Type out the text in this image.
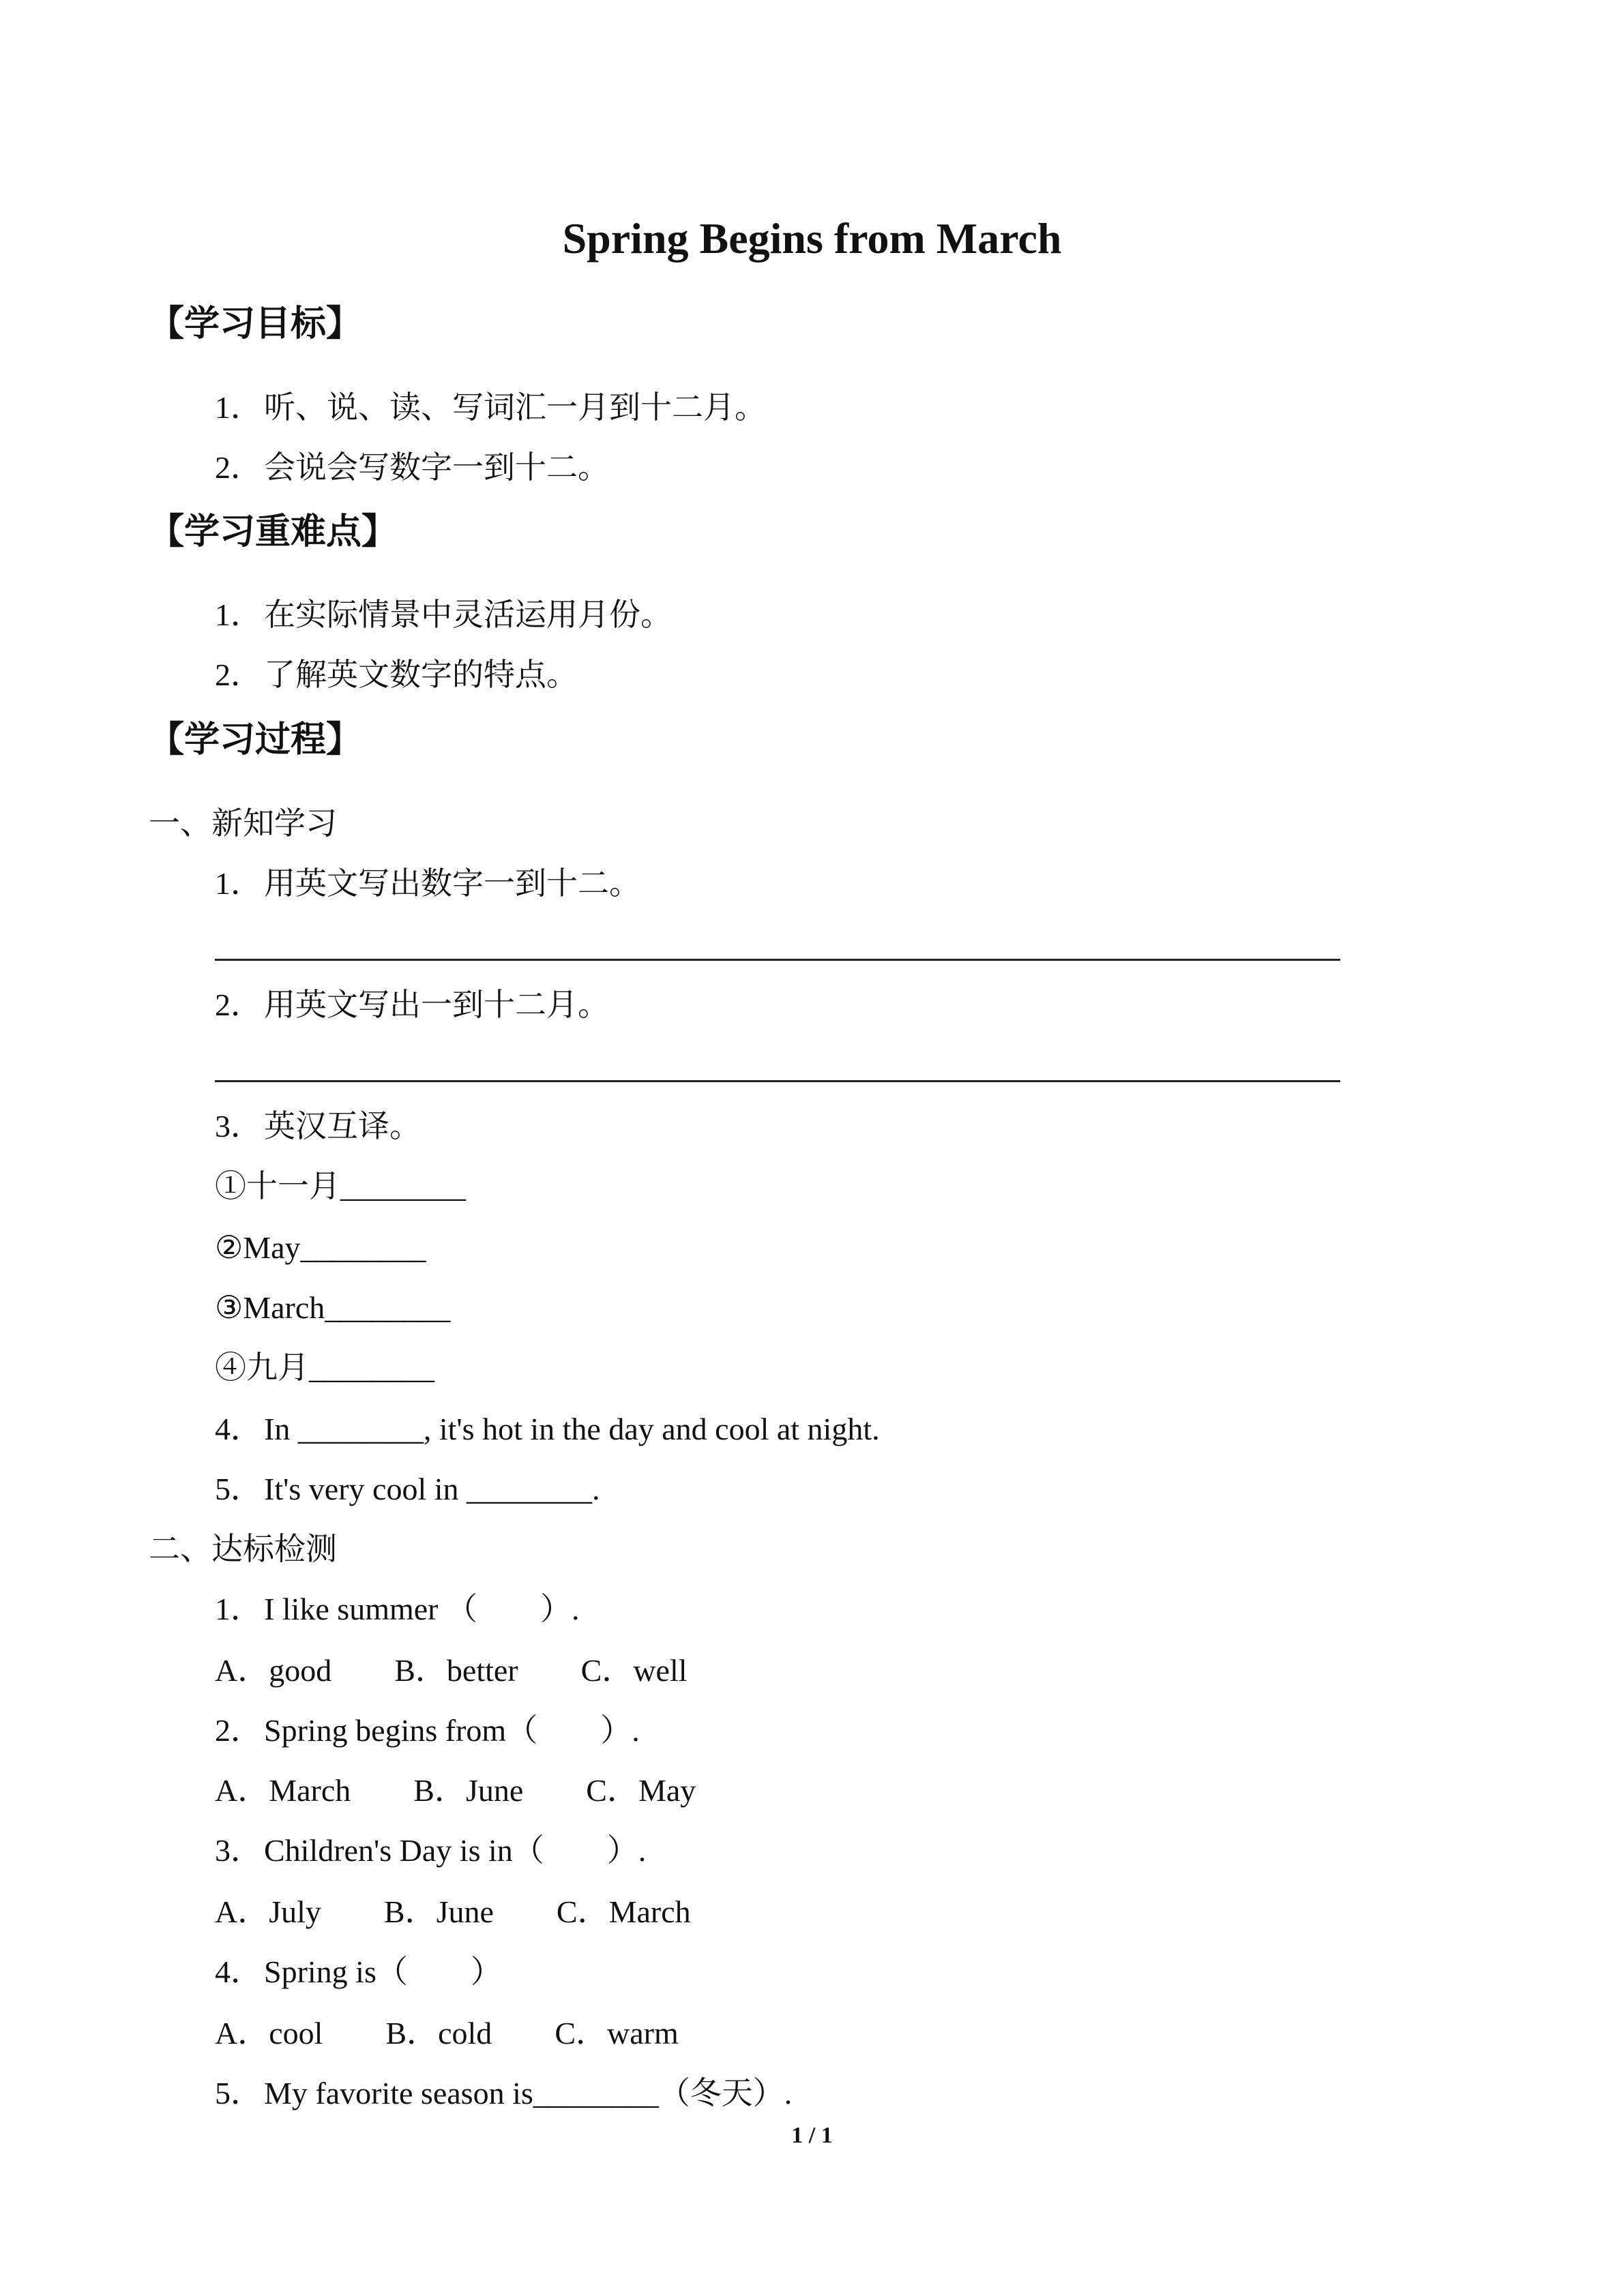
Spring Begins from March
【学习目标】

1．听、说、读、写词汇一月到十二月。

2．会说会写数字一到十二。

【学习重难点】

1．在实际情景中灵活运用月份。

2．了解英文数字的特点。

【学习过程】

一、新知学习

1．用英文写出数字一到十二。

2．用英文写出一到十二月。

3．英汉互译。

①十一月________

②May________

③March________

④九月________

4．In ________, it's hot in the day and cool at night.

5．It's very cool in ________.

二、达标检测

1．I like summer （　　）.

A．good B．better C．well

2．Spring begins from（　　）.

A．March B．June C．May

3．Children's Day is in（　　）.

A．July B．June C．March

4．Spring is（　　）

A．cool B．cold C．warm

5．My favorite season is________（冬天）.

1 / 1
